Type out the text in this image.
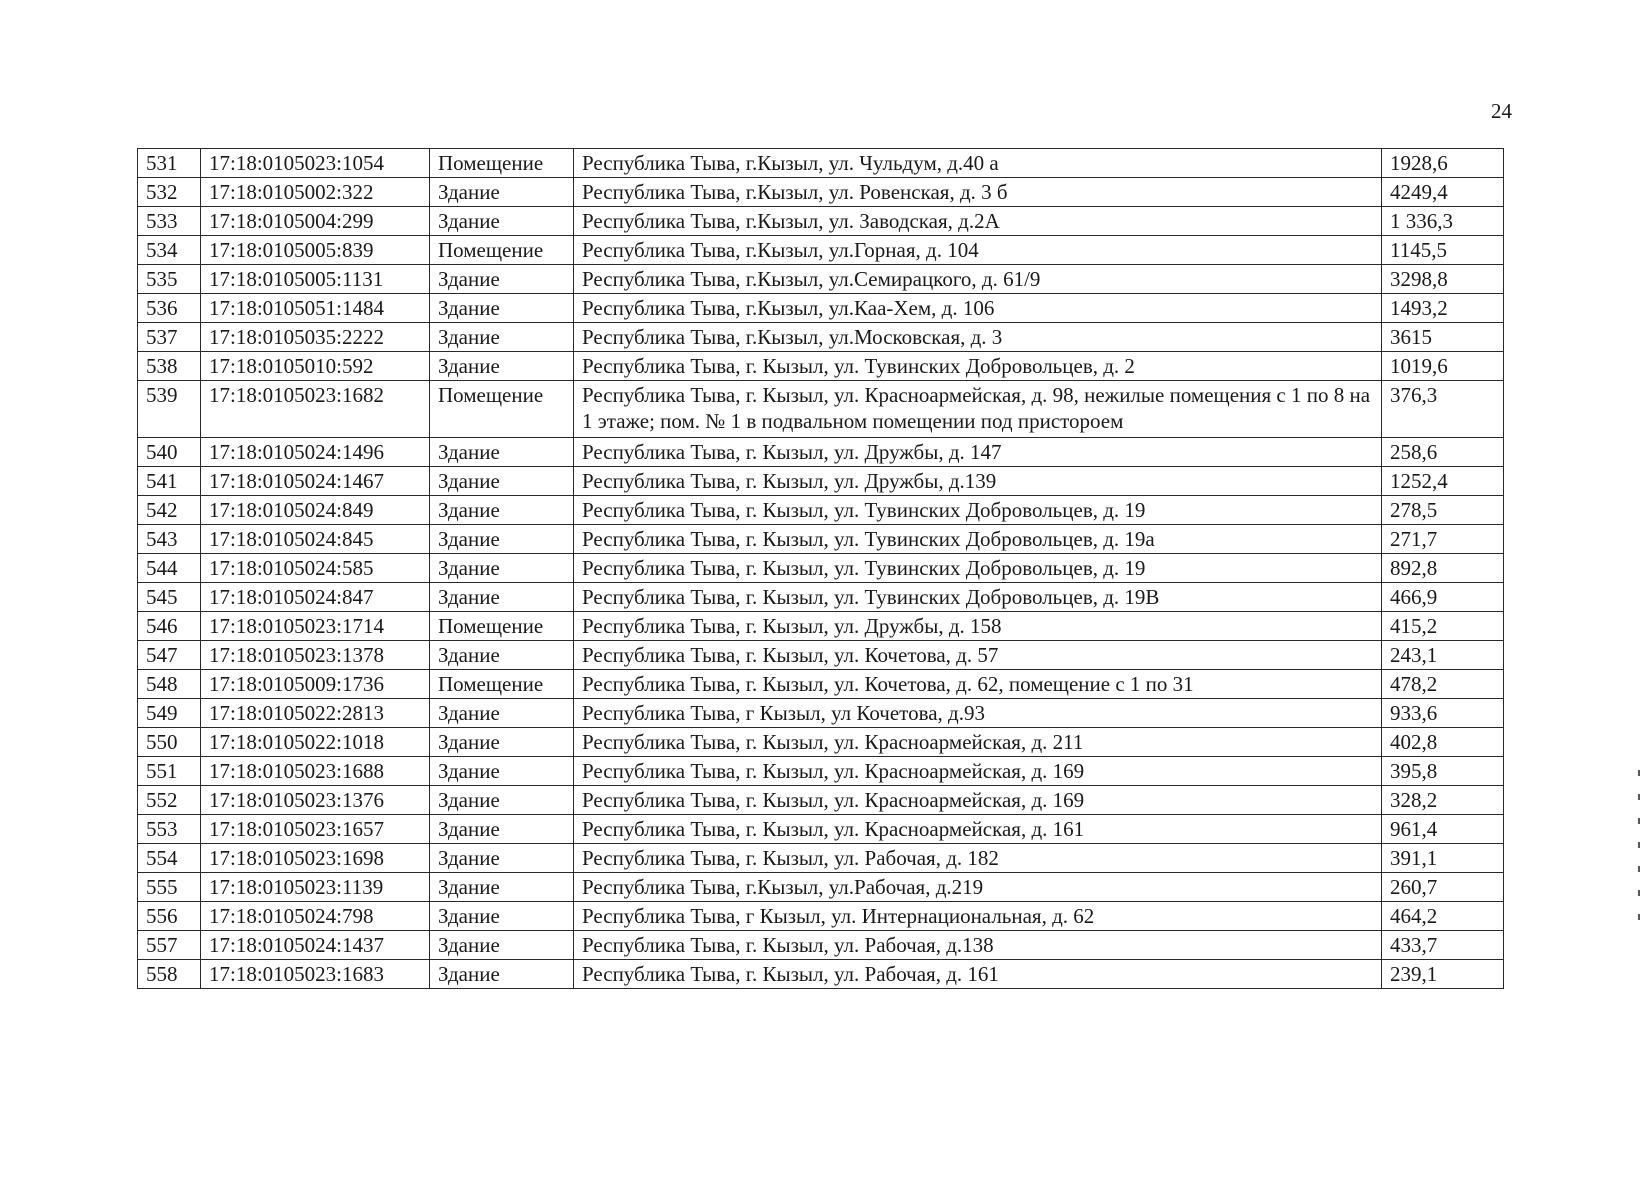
24
531	17:18:0105023:1054	Помещение	Республика Тыва, г.Кызыл, ул. Чульдум, д.40 а	1928,6
532	17:18:0105002:322	Здание	Республика Тыва, г.Кызыл, ул. Ровенская, д. 3 б	4249,4
533	17:18:0105004:299	Здание	Республика Тыва, г.Кызыл, ул. Заводская, д.2А	1 336,3
534	17:18:0105005:839	Помещение	Республика Тыва, г.Кызыл, ул.Горная, д. 104	1145,5
535	17:18:0105005:1131	Здание	Республика Тыва, г.Кызыл, ул.Семирацкого, д. 61/9	3298,8
536	17:18:0105051:1484	Здание	Республика Тыва, г.Кызыл, ул.Каа-Хем, д. 106	1493,2
537	17:18:0105035:2222	Здание	Республика Тыва, г.Кызыл, ул.Московская, д. 3	3615
538	17:18:0105010:592	Здание	Республика Тыва, г. Кызыл, ул. Тувинских Добровольцев, д. 2	1019,6
539	17:18:0105023:1682	Помещение	Республика Тыва, г. Кызыл, ул. Красноармейская, д. 98, нежилые помещения с 1 по 8 на 1 этаже; пом. № 1 в подвальном помещении под пристороем	376,3
540	17:18:0105024:1496	Здание	Республика Тыва, г. Кызыл, ул. Дружбы, д. 147	258,6
541	17:18:0105024:1467	Здание	Республика Тыва, г. Кызыл, ул. Дружбы, д.139	1252,4
542	17:18:0105024:849	Здание	Республика Тыва, г. Кызыл, ул. Тувинских Добровольцев, д. 19	278,5
543	17:18:0105024:845	Здание	Республика Тыва, г. Кызыл, ул. Тувинских Добровольцев, д. 19а	271,7
544	17:18:0105024:585	Здание	Республика Тыва, г. Кызыл, ул. Тувинских Добровольцев, д. 19	892,8
545	17:18:0105024:847	Здание	Республика Тыва, г. Кызыл, ул. Тувинских Добровольцев, д. 19В	466,9
546	17:18:0105023:1714	Помещение	Республика Тыва, г. Кызыл, ул. Дружбы, д. 158	415,2
547	17:18:0105023:1378	Здание	Республика Тыва, г. Кызыл, ул. Кочетова, д. 57	243,1
548	17:18:0105009:1736	Помещение	Республика Тыва, г. Кызыл, ул. Кочетова, д. 62, помещение с 1 по 31	478,2
549	17:18:0105022:2813	Здание	Республика Тыва, г Кызыл, ул Кочетова, д.93	933,6
550	17:18:0105022:1018	Здание	Республика Тыва, г. Кызыл, ул. Красноармейская, д. 211	402,8
551	17:18:0105023:1688	Здание	Республика Тыва, г. Кызыл, ул. Красноармейская, д. 169	395,8
552	17:18:0105023:1376	Здание	Республика Тыва, г. Кызыл, ул. Красноармейская, д. 169	328,2
553	17:18:0105023:1657	Здание	Республика Тыва, г. Кызыл, ул. Красноармейская, д. 161	961,4
554	17:18:0105023:1698	Здание	Республика Тыва, г. Кызыл, ул. Рабочая, д. 182	391,1
555	17:18:0105023:1139	Здание	Республика Тыва, г.Кызыл, ул.Рабочая, д.219	260,7
556	17:18:0105024:798	Здание	Республика Тыва, г Кызыл, ул. Интернациональная, д. 62	464,2
557	17:18:0105024:1437	Здание	Республика Тыва, г. Кызыл, ул. Рабочая, д.138	433,7
558	17:18:0105023:1683	Здание	Республика Тыва, г. Кызыл, ул. Рабочая, д. 161	239,1
